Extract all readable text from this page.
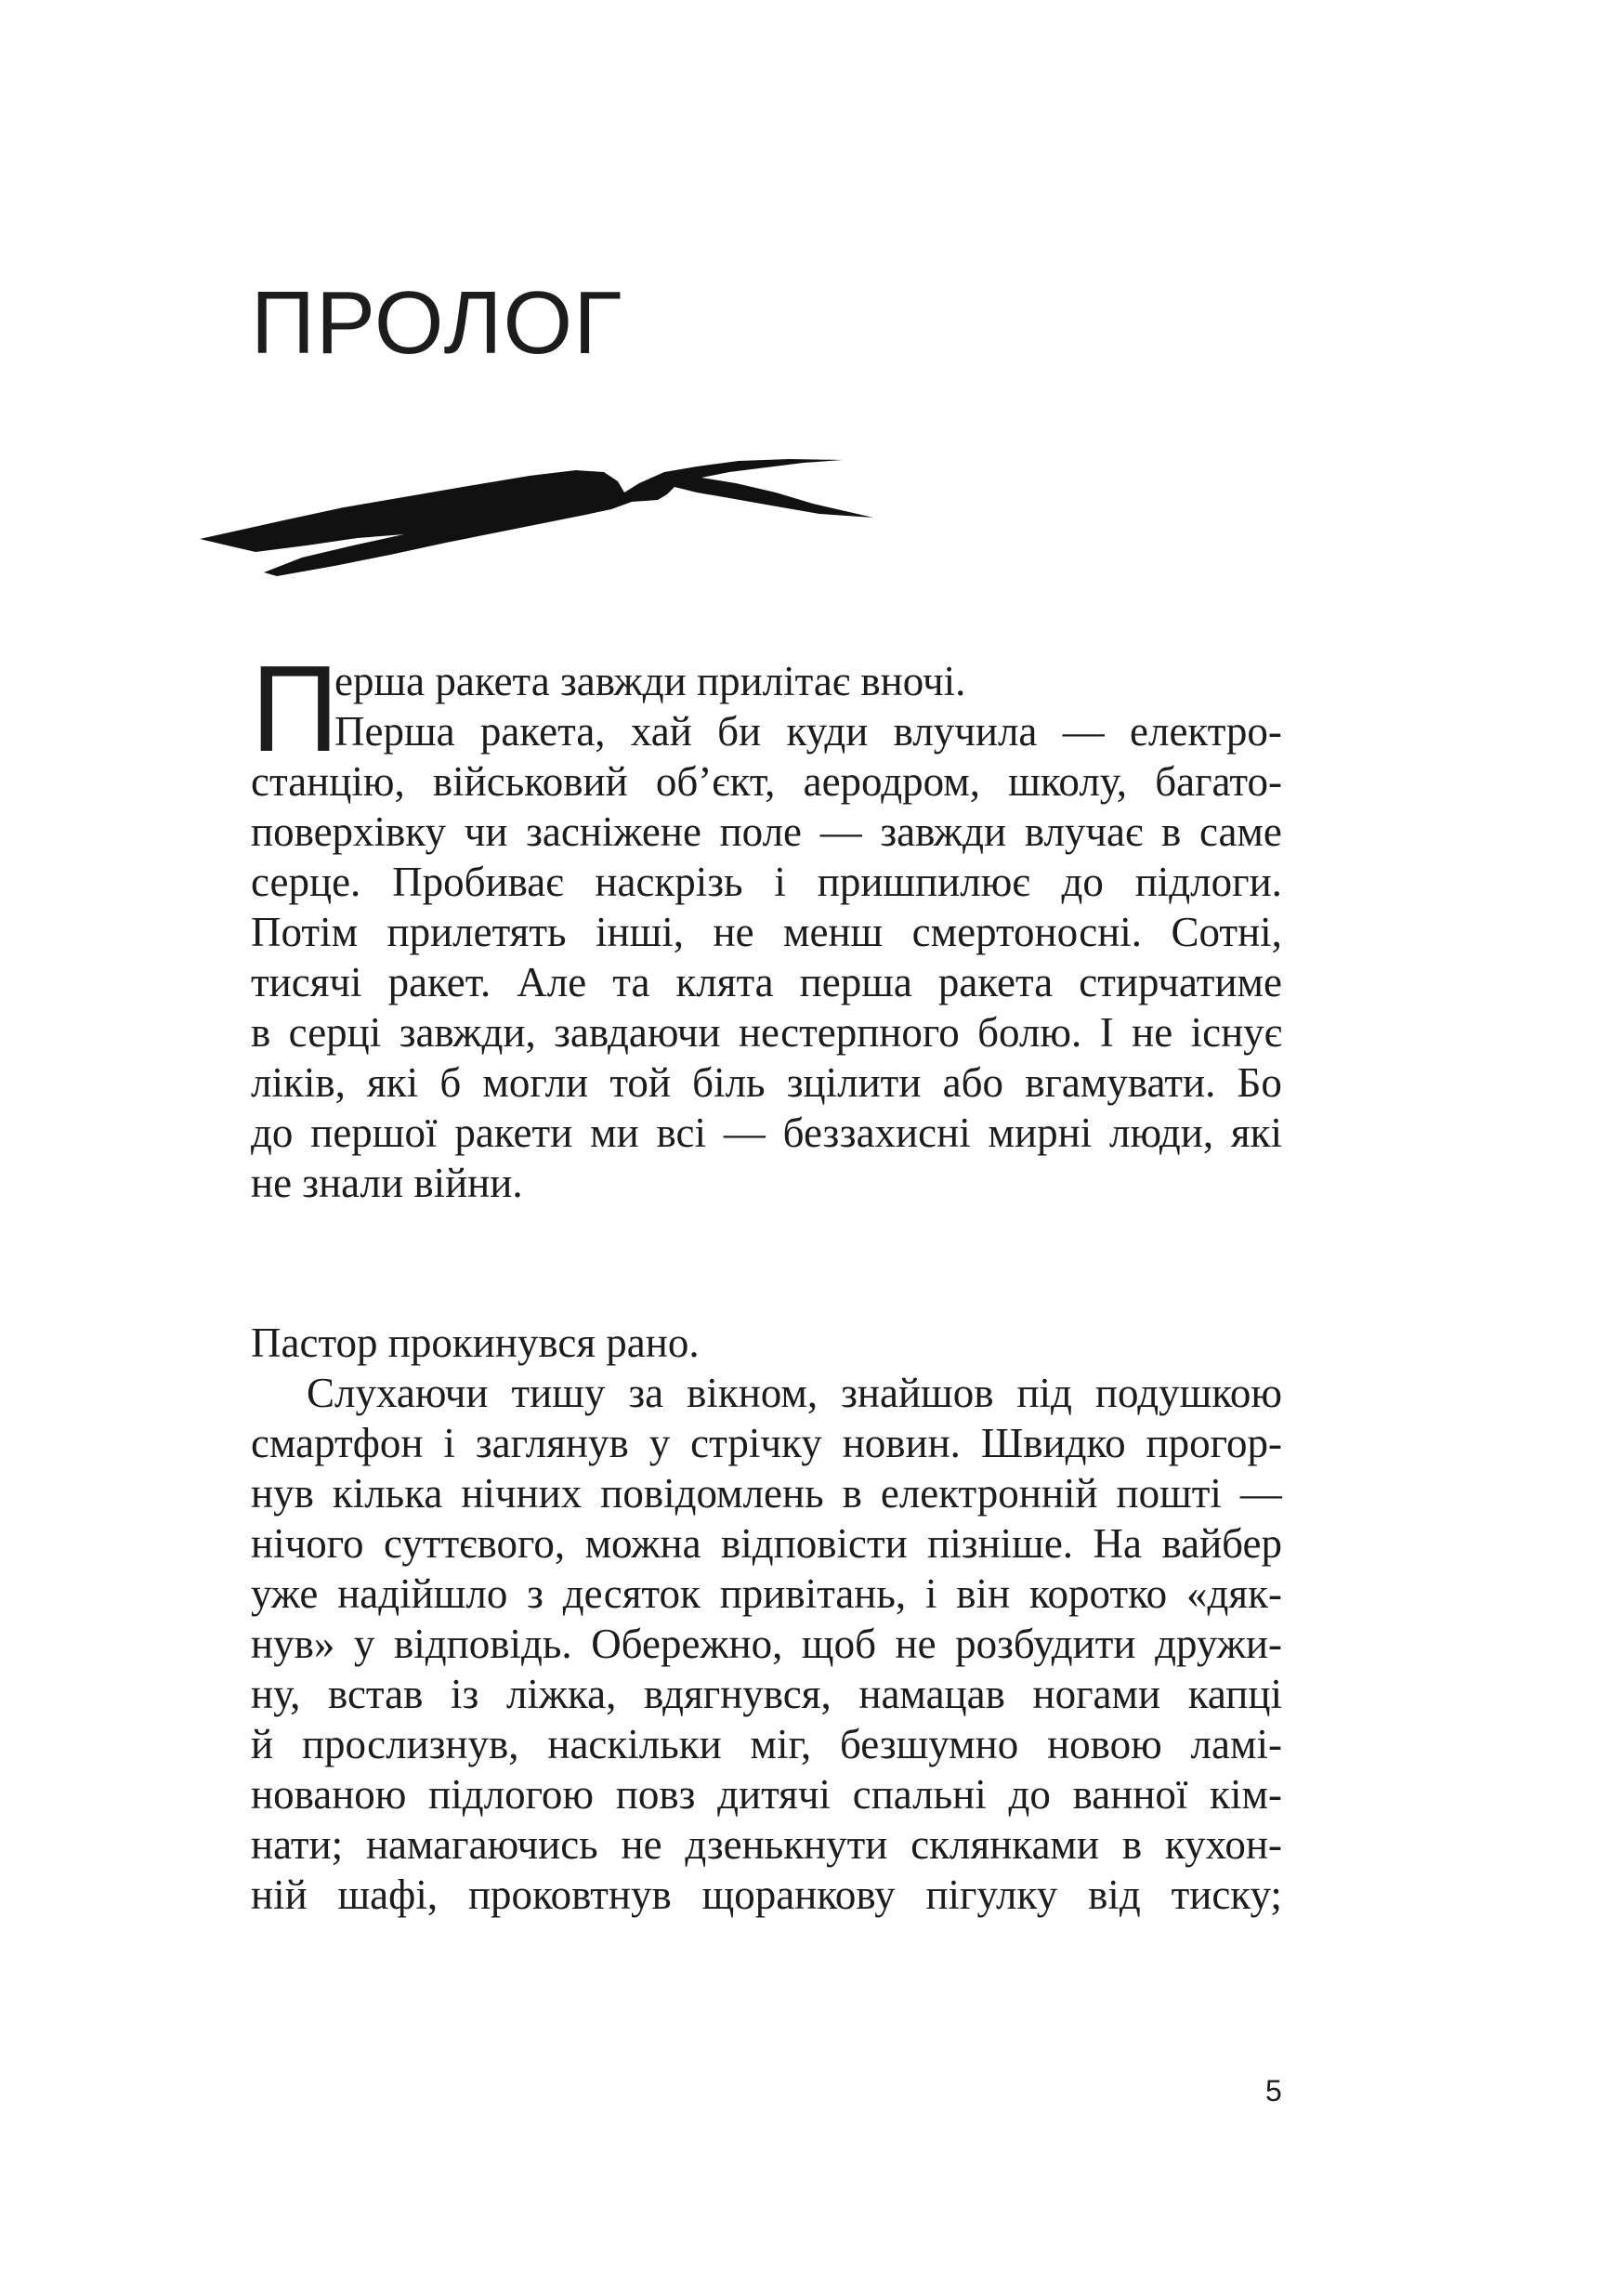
ПРОЛОГ
П
ерша ракета завжди прилітає вночі.
Перша ракета, хай би куди влучила — електро-
станцію, військовий об’єкт, аеродром, школу, багато-
поверхівку чи засніжене поле — завжди влучає в саме
серце. Пробиває наскрізь і пришпилює до підлоги.
Потім прилетять інші, не менш смертоносні. Сотні,
тисячі ракет. Але та клята перша ракета стирчатиме
в серці завжди, завдаючи нестерпного болю. І не існує
ліків, які б могли той біль зцілити або вгамувати. Бо
до першої ракети ми всі — беззахисні мирні люди, які
не знали війни.
Пастор прокинувся рано.
Слухаючи тишу за вікном, знайшов під подушкою
смартфон і заглянув у стрічку новин. Швидко прогор-
нув кілька нічних повідомлень в електронній пошті —
нічого суттєвого, можна відповісти пізніше. На вайбер
уже надійшло з десяток привітань, і він коротко «дяк-
нув» у відповідь. Обережно, щоб не розбудити дружи-
ну, встав із ліжка, вдягнувся, намацав ногами капці
й прослизнув, наскільки міг, безшумно новою ламі-
нованою підлогою повз дитячі спальні до ванної кім-
нати; намагаючись не дзенькнути склянками в кухон-
ній шафі, проковтнув щоранкову пігулку від тиску;
5
